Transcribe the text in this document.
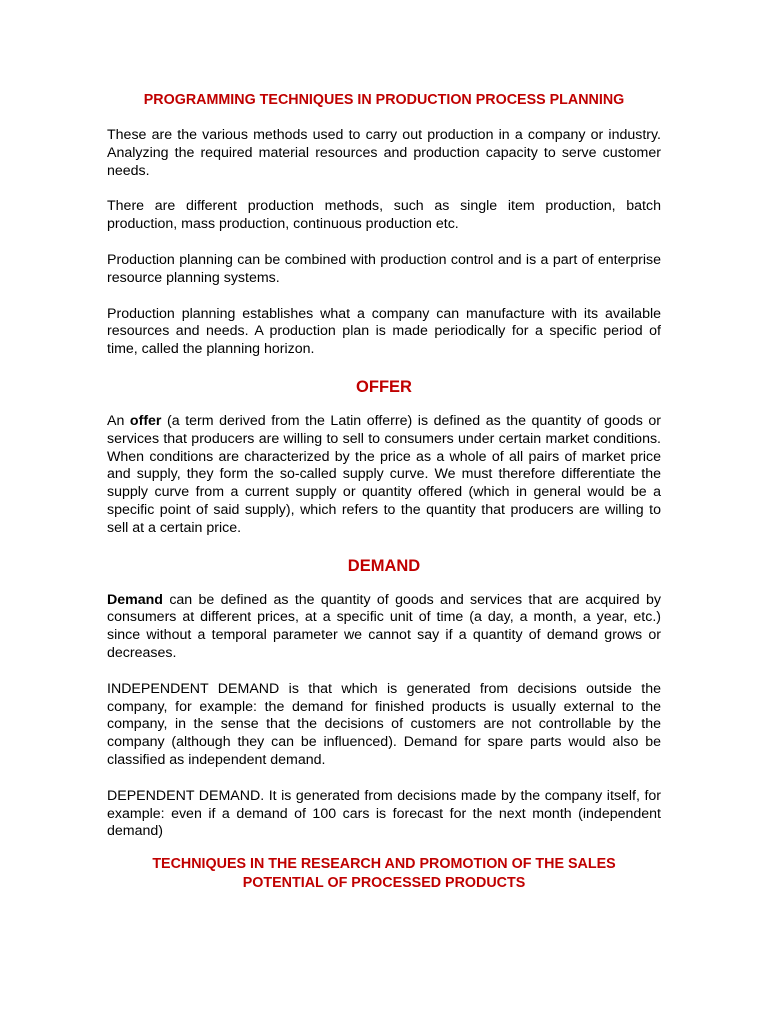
PROGRAMMING TECHNIQUES IN PRODUCTION PROCESS PLANNING

These are the various methods used to carry out production in a company or industry. Analyzing the required material resources and production capacity to serve customer needs.

There are different production methods, such as single item production, batch production, mass production, continuous production etc.

Production planning can be combined with production control and is a part of enterprise resource planning systems.

Production planning establishes what a company can manufacture with its available resources and needs. A production plan is made periodically for a specific period of time, called the planning horizon.

OFFER

An offer (a term derived from the Latin offerre) is defined as the quantity of goods or services that producers are willing to sell to consumers under certain market conditions. When conditions are characterized by the price as a whole of all pairs of market price and supply, they form the so-called supply curve. We must therefore differentiate the supply curve from a current supply or quantity offered (which in general would be a specific point of said supply), which refers to the quantity that producers are willing to sell at a certain price.

DEMAND

Demand can be defined as the quantity of goods and services that are acquired by consumers at different prices, at a specific unit of time (a day, a month, a year, etc.) since without a temporal parameter we cannot say if a quantity of demand grows or decreases.

INDEPENDENT DEMAND is that which is generated from decisions outside the company, for example: the demand for finished products is usually external to the company, in the sense that the decisions of customers are not controllable by the company (although they can be influenced). Demand for spare parts would also be classified as independent demand.

DEPENDENT DEMAND. It is generated from decisions made by the company itself, for example: even if a demand of 100 cars is forecast for the next month (independent demand)

TECHNIQUES IN THE RESEARCH AND PROMOTION OF THE SALES
POTENTIAL OF PROCESSED PRODUCTS
